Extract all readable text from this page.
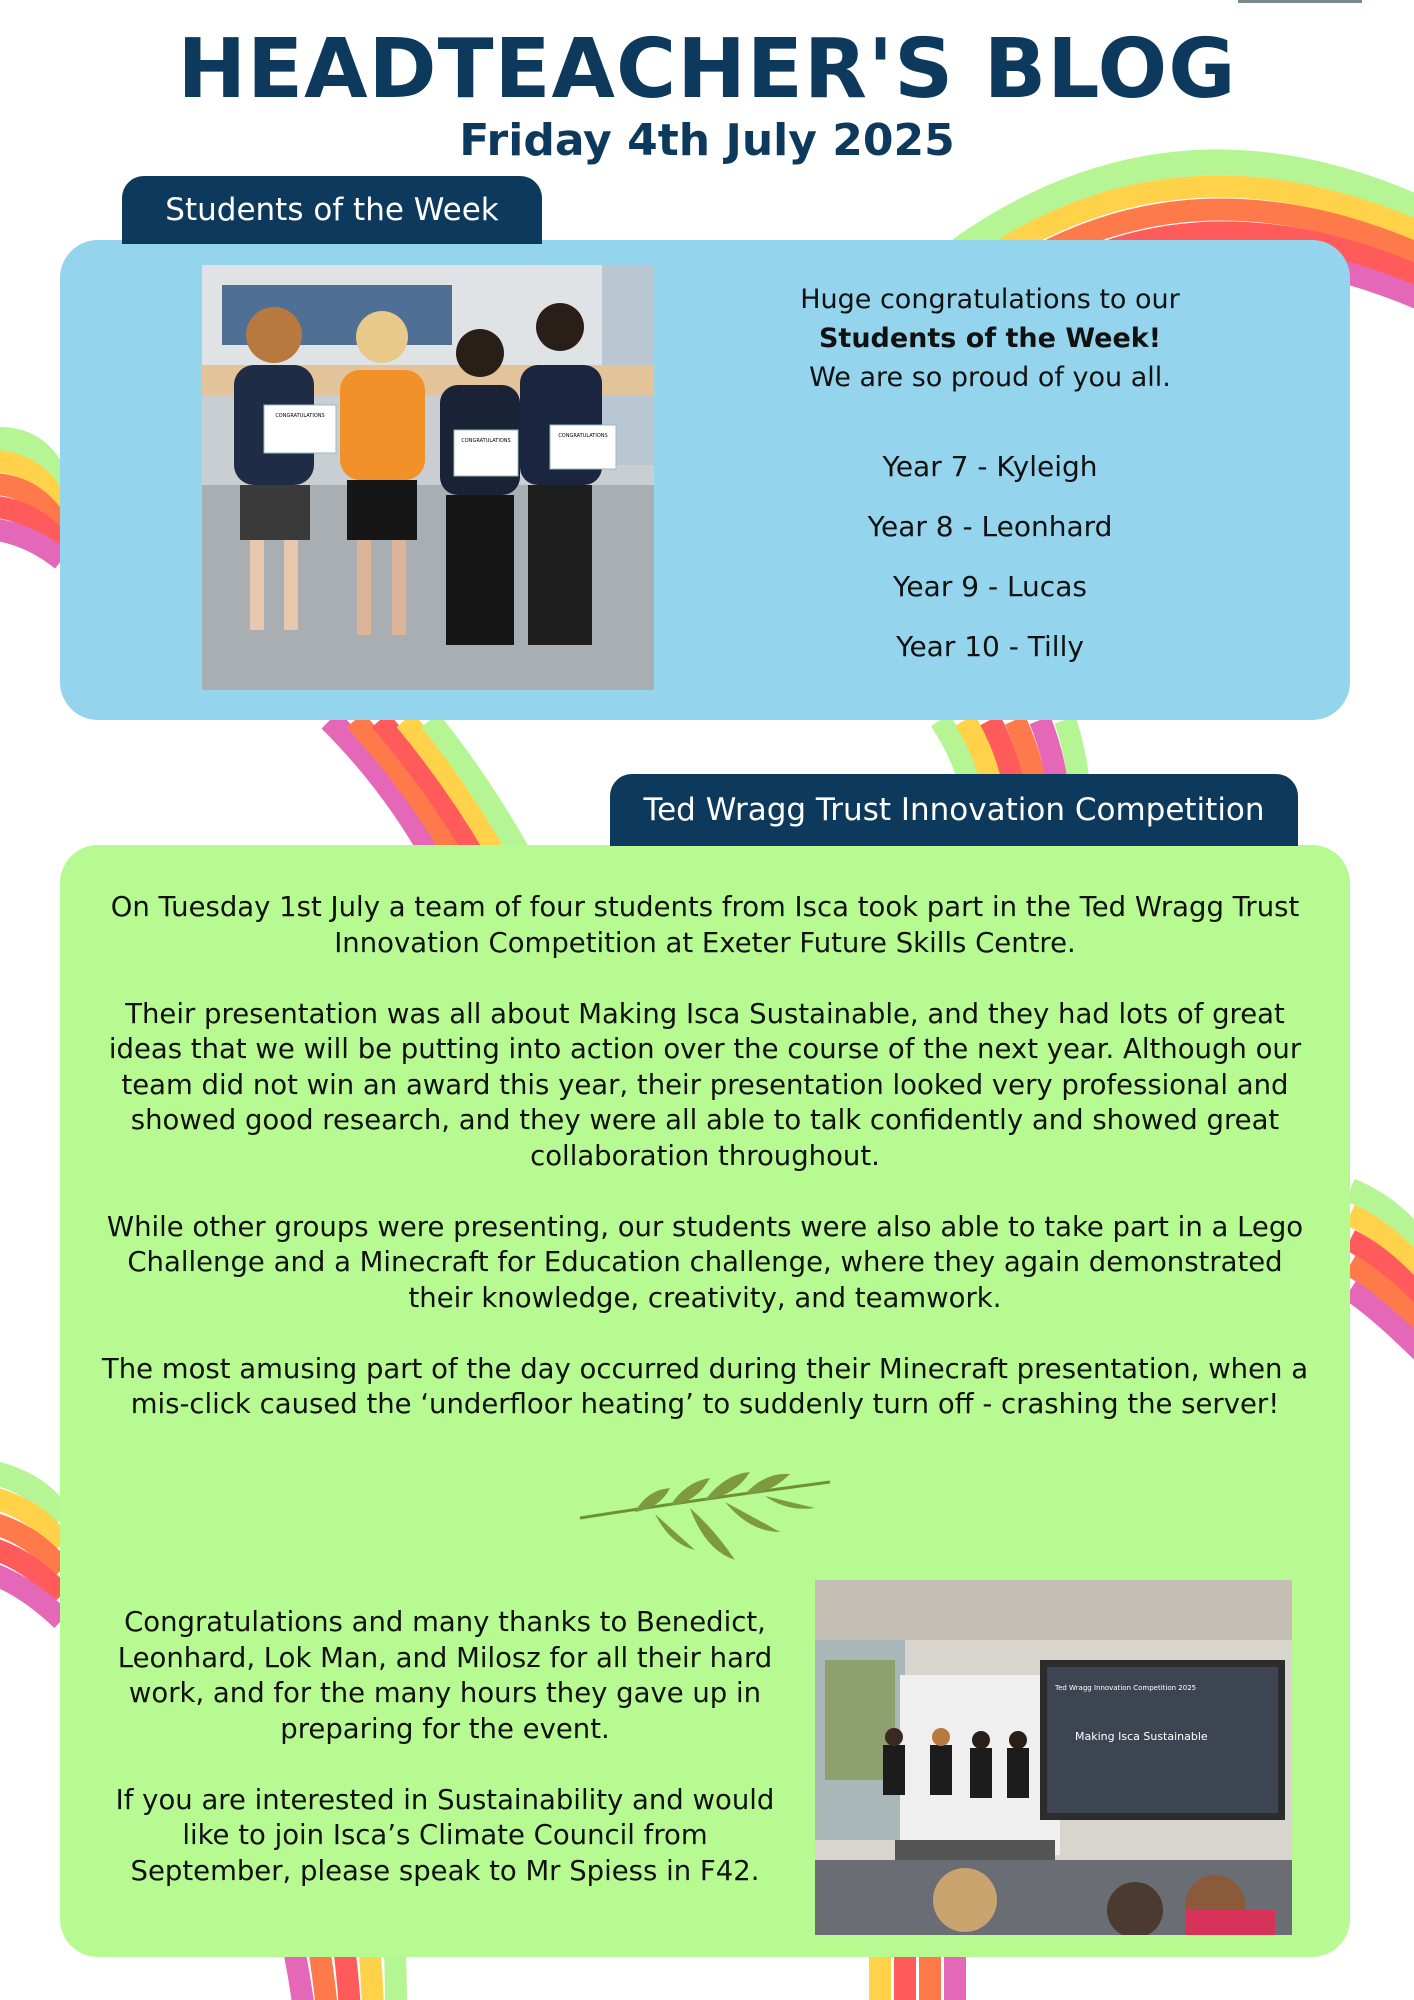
HEADTEACHER'S BLOG
Friday 4th July 2025
Students of the Week
CONGRATULATIONS
CONGRATULATIONS
CONGRATULATIONS
Huge congratulations to our
Students of the Week!
We are so proud of you all.
Year 7 - Kyleigh
Year 8 - Leonhard
Year 9 - Lucas
Year 10 - Tilly
Ted Wragg Trust Innovation Competition

On Tuesday 1st July a team of four students from Isca took part in the Ted Wragg Trust Innovation Competition at Exeter Future Skills Centre.

Their presentation was all about Making Isca Sustainable, and they had lots of great ideas that we will be putting into action over the course of the next year. Although our team did not win an award this year, their presentation looked very professional and showed good research, and they were all able to talk confidently and showed great collaboration throughout.

While other groups were presenting, our students were also able to take part in a Lego Challenge and a Minecraft for Education challenge, where they again demonstrated their knowledge, creativity, and teamwork.

The most amusing part of the day occurred during their Minecraft presentation, when a mis-click caused the ‘underfloor heating’ to suddenly turn off - crashing the server!

Congratulations and many thanks to Benedict, Leonhard, Lok Man, and Milosz for all their hard work, and for the many hours they gave up in preparing for the event.

If you are interested in Sustainability and would like to join Isca’s Climate Council from September, please speak to Mr Spiess in F42.

Ted Wragg Innovation Competition 2025
Making Isca Sustainable
